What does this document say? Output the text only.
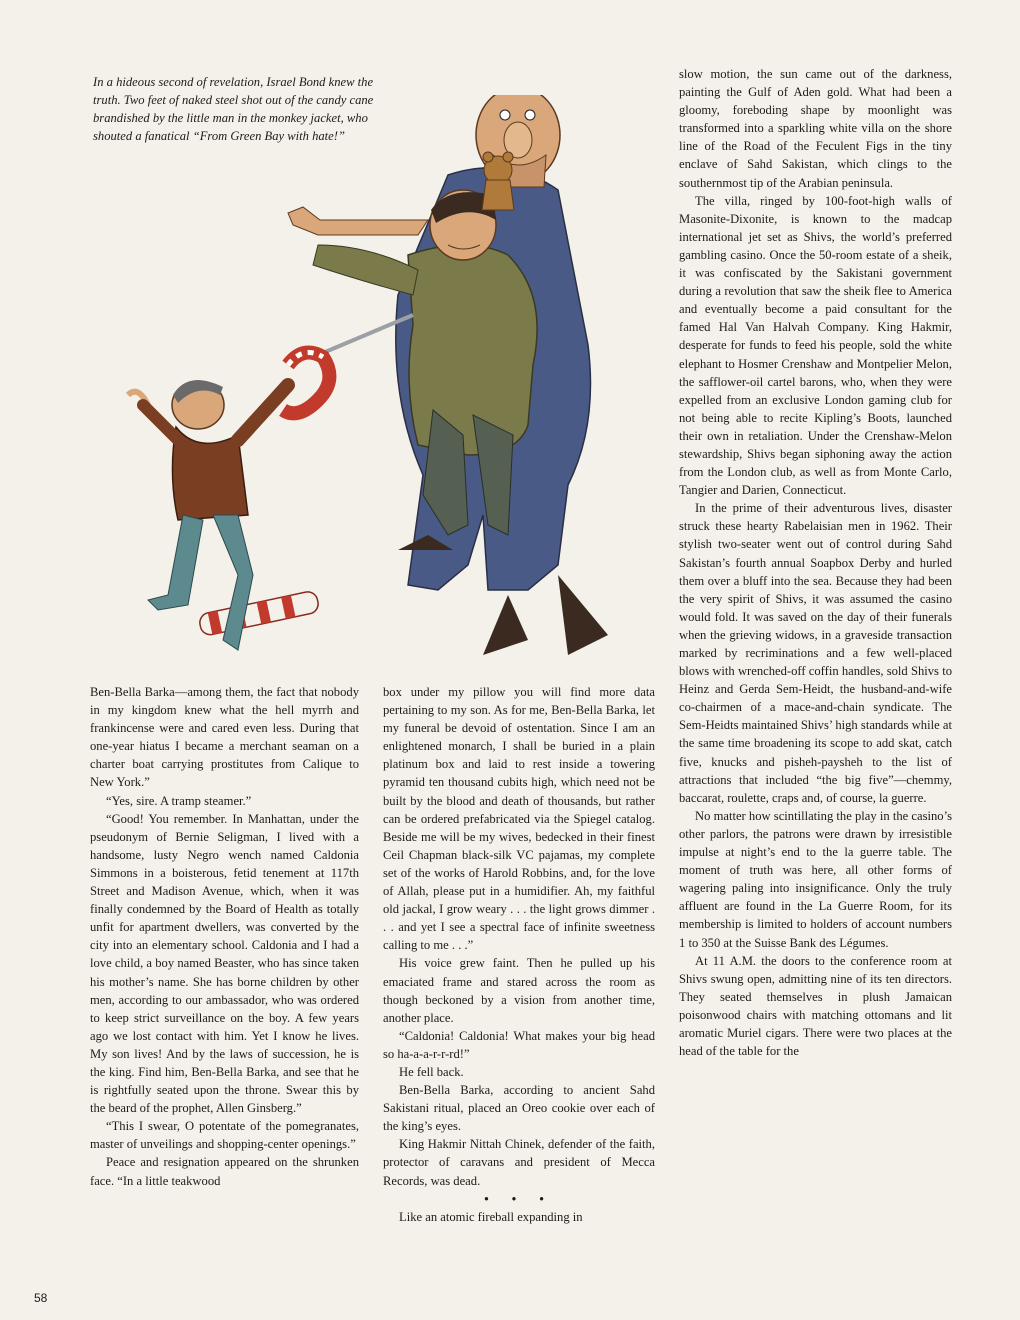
In a hideous second of revelation, Israel Bond knew the truth. Two feet of naked steel shot out of the candy cane brandished by the little man in the monkey jacket, who shouted a fanatical “From Green Bay with hate!”

Ben-Bella Barka—among them, the fact that nobody in my kingdom knew what the hell myrrh and frankincense were and cared even less. During that one-year hiatus I became a merchant seaman on a charter boat carrying prostitutes from Calique to New York.”

“Yes, sire. A tramp steamer.”

“Good! You remember. In Manhattan, under the pseudonym of Bernie Seligman, I lived with a handsome, lusty Negro wench named Caldonia Simmons in a boisterous, fetid tenement at 117th Street and Madison Avenue, which, when it was finally condemned by the Board of Health as totally unfit for apartment dwellers, was converted by the city into an elementary school. Caldonia and I had a love child, a boy named Beaster, who has since taken his mother’s name. She has borne children by other men, according to our ambassador, who was ordered to keep strict surveillance on the boy. A few years ago we lost contact with him. Yet I know he lives. My son lives! And by the laws of succession, he is the king. Find him, Ben-Bella Barka, and see that he is rightfully seated upon the throne. Swear this by the beard of the prophet, Allen Ginsberg.”

“This I swear, O potentate of the pomegranates, master of unveilings and shopping-center openings.”

Peace and resignation appeared on the shrunken face. “In a little teakwood

box under my pillow you will find more data pertaining to my son. As for me, Ben-Bella Barka, let my funeral be devoid of ostentation. Since I am an enlightened monarch, I shall be buried in a plain platinum box and laid to rest inside a towering pyramid ten thousand cubits high, which need not be built by the blood and death of thousands, but rather can be ordered prefabricated via the Spiegel catalog. Beside me will be my wives, bedecked in their finest Ceil Chapman black-silk VC pajamas, my complete set of the works of Harold Robbins, and, for the love of Allah, please put in a humidifier. Ah, my faithful old jackal, I grow weary . . . the light grows dimmer . . . and yet I see a spectral face of infinite sweetness calling to me . . .”

His voice grew faint. Then he pulled up his emaciated frame and stared across the room as though beckoned by a vision from another time, another place.

“Caldonia! Caldonia! What makes your big head so ha-a-a-r-r-rd!”

He fell back.

Ben-Bella Barka, according to ancient Sahd Sakistani ritual, placed an Oreo cookie over each of the king’s eyes.

King Hakmir Nittah Chinek, defender of the faith, protector of caravans and president of Mecca Records, was dead.

• • •

Like an atomic fireball expanding in

slow motion, the sun came out of the darkness, painting the Gulf of Aden gold. What had been a gloomy, foreboding shape by moonlight was transformed into a sparkling white villa on the shore line of the Road of the Feculent Figs in the tiny enclave of Sahd Sakistan, which clings to the southernmost tip of the Arabian peninsula.

The villa, ringed by 100-foot-high walls of Masonite-Dixonite, is known to the madcap international jet set as Shivs, the world’s preferred gambling casino. Once the 50-room estate of a sheik, it was confiscated by the Sakistani government during a revolution that saw the sheik flee to America and eventually become a paid consultant for the famed Hal Van Halvah Company. King Hakmir, desperate for funds to feed his people, sold the white elephant to Hosmer Crenshaw and Montpelier Melon, the safflower-oil cartel barons, who, when they were expelled from an exclusive London gaming club for not being able to recite Kipling’s Boots, launched their own in retaliation. Under the Crenshaw-Melon stewardship, Shivs began siphoning away the action from the London club, as well as from Monte Carlo, Tangier and Darien, Connecticut.

In the prime of their adventurous lives, disaster struck these hearty Rabelaisian men in 1962. Their stylish two-seater went out of control during Sahd Sakistan’s fourth annual Soapbox Derby and hurled them over a bluff into the sea. Because they had been the very spirit of Shivs, it was assumed the casino would fold. It was saved on the day of their funerals when the grieving widows, in a graveside transaction marked by recriminations and a few well-placed blows with wrenched-off coffin handles, sold Shivs to Heinz and Gerda Sem-Heidt, the husband-and-wife co-chairmen of a mace-and-chain syndicate. The Sem-Heidts maintained Shivs’ high standards while at the same time broadening its scope to add skat, catch five, knucks and pisheh-paysheh to the list of attractions that included “the big five”—chemmy, baccarat, roulette, craps and, of course, la guerre.

No matter how scintillating the play in the casino’s other parlors, the patrons were drawn by irresistible impulse at night’s end to the la guerre table. The moment of truth was here, all other forms of wagering paling into insignificance. Only the truly affluent are found in the La Guerre Room, for its membership is limited to holders of account numbers 1 to 350 at the Suisse Bank des Légumes.

At 11 A.M. the doors to the conference room at Shivs swung open, admitting nine of its ten directors. They seated themselves in plush Jamaican poisonwood chairs with matching ottomans and lit aromatic Muriel cigars. There were two places at the head of the table for the

58
